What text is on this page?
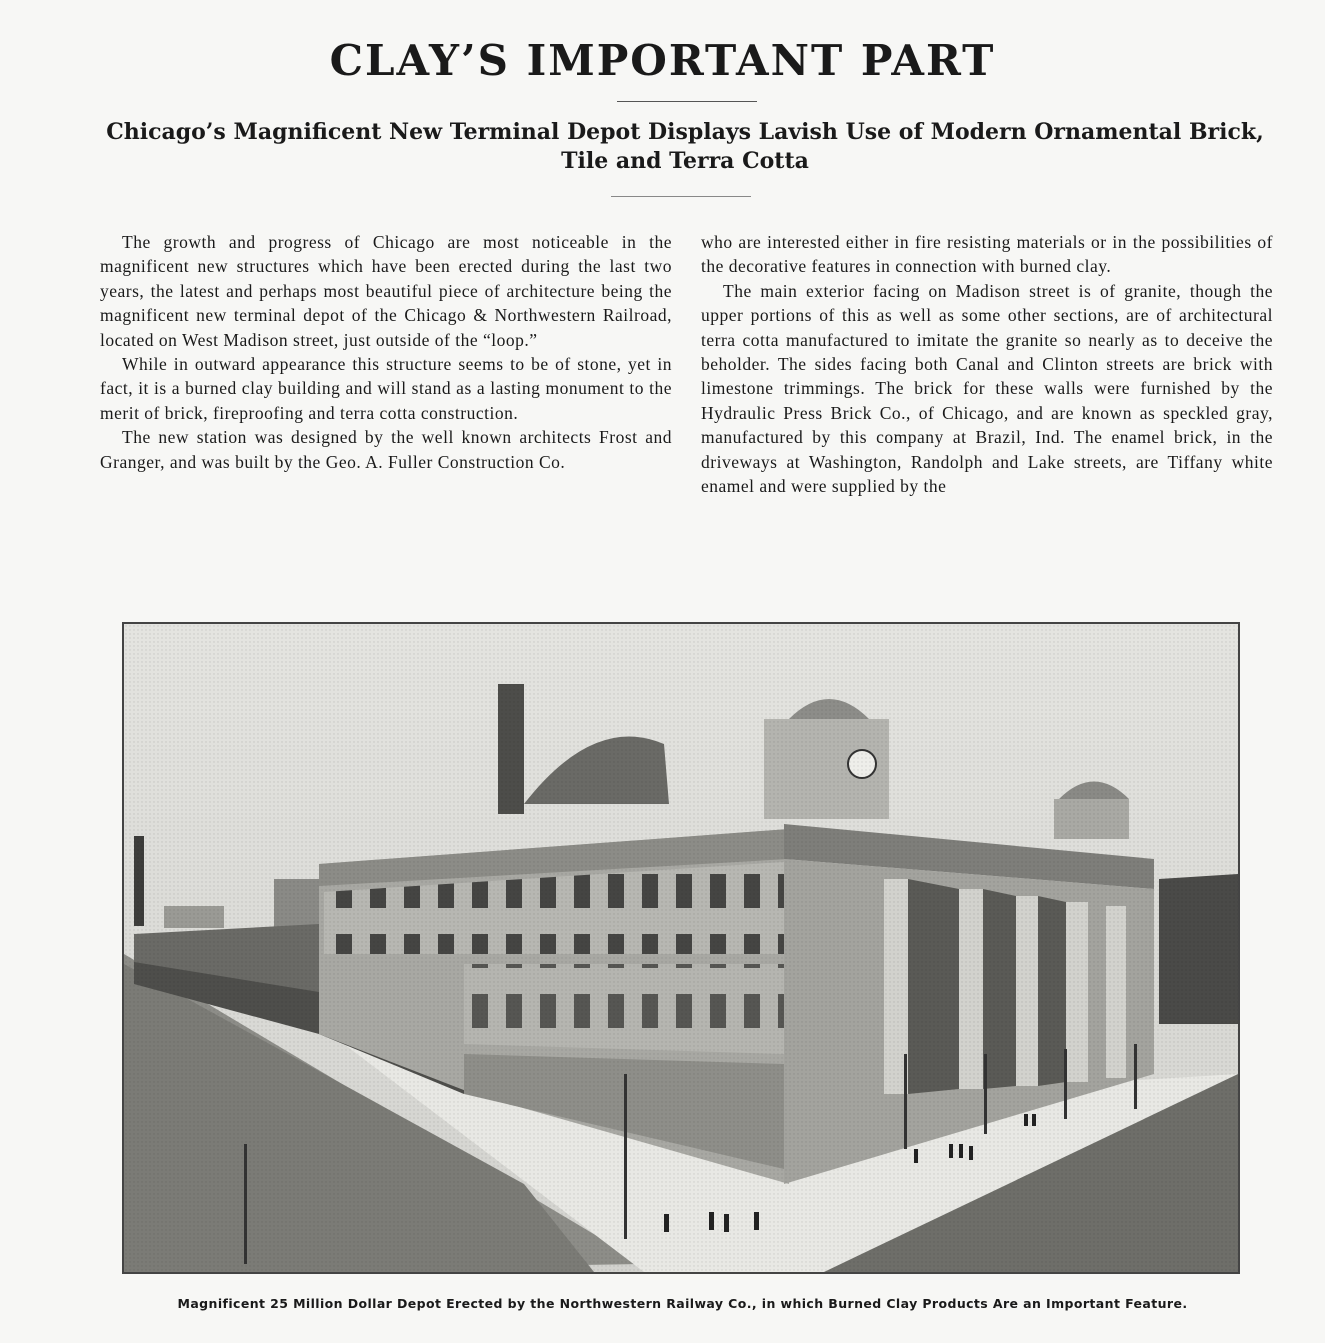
CLAY’S IMPORTANT PART
Chicago’s Magnificent New Terminal Depot Displays Lavish Use of Modern Ornamental Brick, Tile and Terra Cotta

The growth and progress of Chicago are most noticeable in the magnificent new structures which have been erected during the last two years, the latest and perhaps most beautiful piece of architecture being the magnificent new terminal depot of the Chicago & Northwestern Railroad, located on West Madison street, just outside of the “loop.”

While in outward appearance this structure seems to be of stone, yet in fact, it is a burned clay building and will stand as a lasting monument to the merit of brick, fireproofing and terra cotta construction.

The new station was designed by the well known architects Frost and Granger, and was built by the Geo. A. Fuller Construction Co.

who are interested either in fire resisting materials or in the possibilities of the decorative features in connection with burned clay.

The main exterior facing on Madison street is of granite, though the upper portions of this as well as some other sections, are of architectural terra cotta manufactured to imitate the granite so nearly as to deceive the beholder. The sides facing both Canal and Clinton streets are brick with limestone trimmings. The brick for these walls were furnished by the Hydraulic Press Brick Co., of Chicago, and are known as speckled gray, manufactured by this company at Brazil, Ind. The enamel brick, in the driveways at Washington, Randolph and Lake streets, are Tiffany white enamel and were supplied by the

Magnificent 25 Million Dollar Depot Erected by the Northwestern Railway Co., in which Burned Clay Products Are an Important Feature.
